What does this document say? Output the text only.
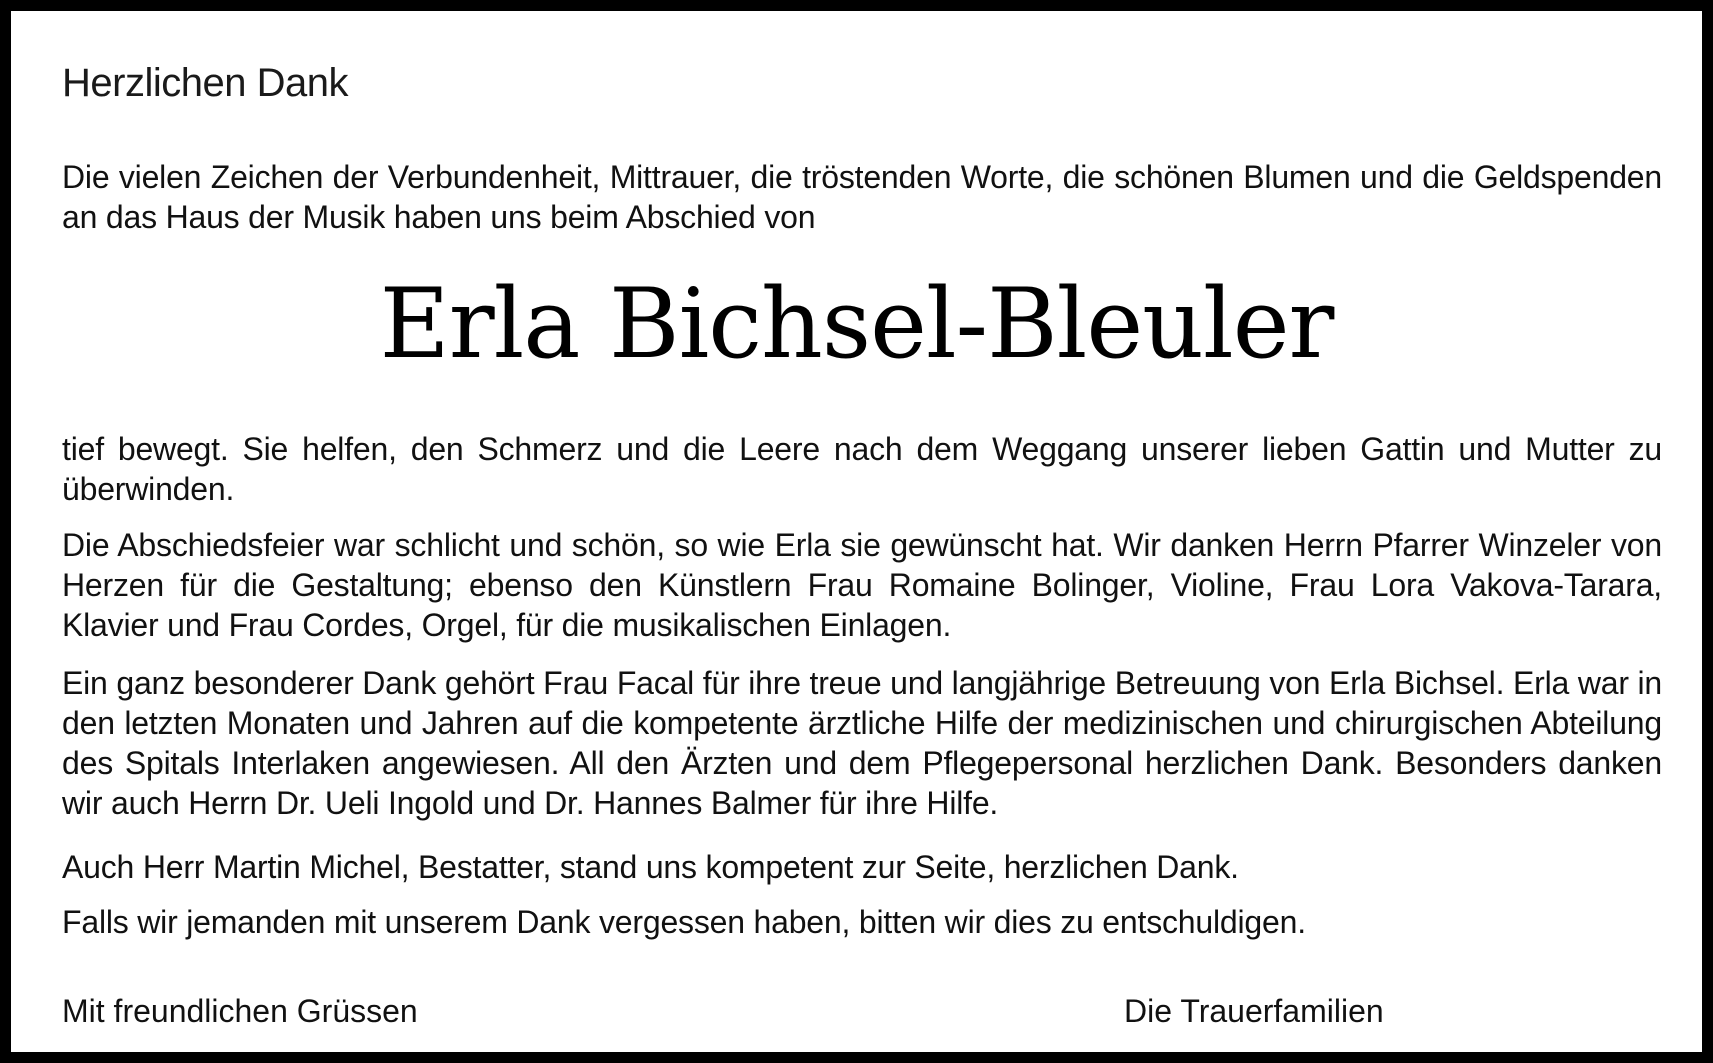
Herzlichen Dank

Die vielen Zeichen der Verbundenheit, Mittrauer, die tröstenden Worte, die schönen Blumen und die Geldspenden an das Haus der Musik haben uns beim Abschied von

Erla Bichsel-Bleuler

tief bewegt. Sie helfen, den Schmerz und die Leere nach dem Weggang unserer lieben Gattin und Mutter zu überwinden.

Die Abschiedsfeier war schlicht und schön, so wie Erla sie gewünscht hat. Wir danken Herrn Pfarrer Winzeler von Herzen für die Gestaltung; ebenso den Künstlern Frau Romaine Bolinger, Violine, Frau Lora Vakova-Tarara, Klavier und Frau Cordes, Orgel, für die musikalischen Einlagen.

Ein ganz besonderer Dank gehört Frau Facal für ihre treue und langjährige Betreuung von Erla Bichsel. Erla war in den letzten Monaten und Jahren auf die kompetente ärztliche Hilfe der medizinischen und chirurgischen Abteilung des Spitals Interlaken angewiesen. All den Ärzten und dem Pflegepersonal herzlichen Dank. Besonders danken wir auch Herrn Dr. Ueli Ingold und Dr. Hannes Balmer für ihre Hilfe.

Auch Herr Martin Michel, Bestatter, stand uns kompetent zur Seite, herzlichen Dank.

Falls wir jemanden mit unserem Dank vergessen haben, bitten wir dies zu entschuldigen.

Mit freundlichen Grüssen	Die Trauerfamilien
